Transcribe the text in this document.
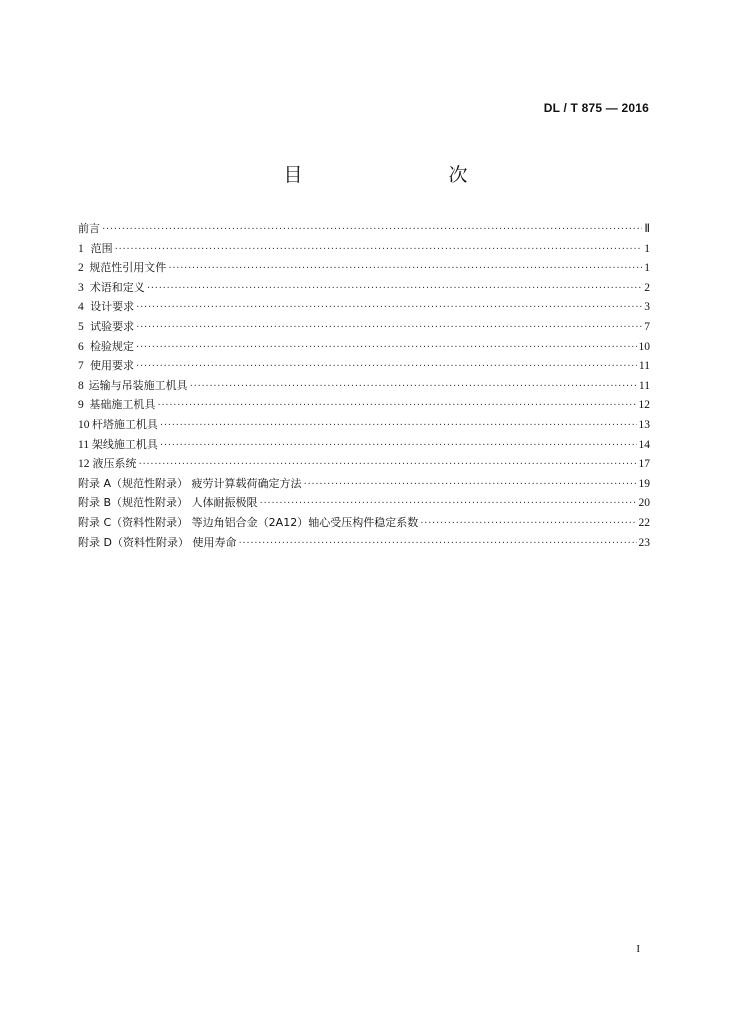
DL / T 875 — 2016
目　　次
前言 ·····	Ⅱ
1 范围 ·····	1
2 规范性引用文件 ·····	1
3 术语和定义 ·····	2
4 设计要求 ·····	3
5 试验要求 ·····	7
6 检验规定 ·····	10
7 使用要求 ·····	11
8 运输与吊装施工机具 ·····	11
9 基础施工机具 ·····	12
10 杆塔施工机具 ·····	13
11 架线施工机具 ·····	14
12 液压系统 ·····	17
附录 A（规范性附录） 疲劳计算载荷确定方法 ·····	19
附录 B（规范性附录） 人体耐振极限 ·····	20
附录 C（资料性附录） 等边角铝合金（2A12）轴心受压构件稳定系数 ·····	22
附录 D（资料性附录） 使用寿命 ·····	23
I
